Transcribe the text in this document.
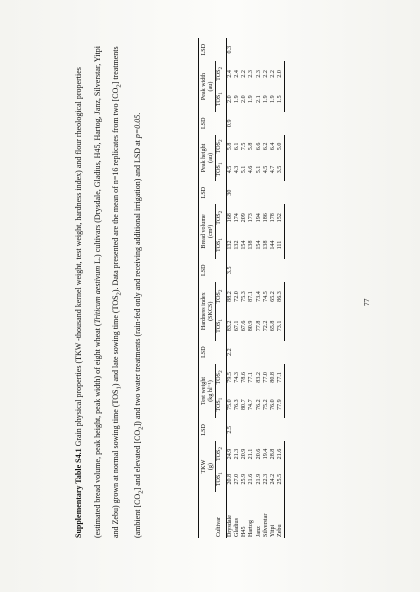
Supplementary Table S4.1 Grain physical properties (TKW -thousand kernel weight, test weight, hardness index) and flour rheological properties (estimated bread volume, peak height, peak width) of eight wheat (Triticum aestivum L.) cultivars (Drysdale, Gladius, H45, Hartog, Janz, Silverstar, Yitpi and Zebu) grown at normal sowing time $(TOS_1)$ and late sowing time $(TOS_2)$. Data presented are the mean of n=16 replicates from two $[CO_2]$ treatments (ambient $[CO_2]$ and elevated $[CO_2]$) and two water treatments (rain-fed only and receiving additional irrigation) and LSD at p=0.05.
	TKW
(g)		LSD	Test weight
(kg hl⁻¹)		LSD	Hardness index
(SKCS)		LSD	Bread volume
(cm³)		LSD	Peak height
(au)		LSD	Peak width
(au)		LSD
Cultivar	$TOS_1$	$TOS_2$		$TOS_1$	$TOS_2$		$TOS_1$	$TOS_2$		$TOS_1$	$TOS_2$		$TOS_1$	$TOS_2$		$TOS_1$	$TOS_2$	
Drysdale	20.8	24.9	2.5	75.0	79.5	2.2	83.2	88.2	3.5	132	168	30	4.5	5.8	0.9	2.0	2.4	0.3
Gladius	27.0	21.3		76.3	74.3		67.1	72.0		132	174		4.3	6.1		1.9	2.4	
H45	25.9	20.9		80.7	78.6		67.6	75.3		154	209		5.1	7.5		2.0	2.2	
Hartog	21.6	21.1		74.7	77.1		80.9	87.1		138	173		4.6	5.8		1.9	2.3	
Janz	21.9	20.6		76.2	83.2		77.8	73.4		154	194		5.1	6.6		2.1	2.3	
Silverstar	22.3	19.4		75.2	77.0		72.2	74.5		138	186		4.5	6.2		1.9	2.2	
Yitpi	24.2	28.8		76.0	80.8		65.8	65.2		144	178		4.7	6.4		1.9	2.2	
Zebu	25.5	21.6		77.9	77.1		73.1	86.3		111	152		3.5	5.0		1.5	2.0	
77
